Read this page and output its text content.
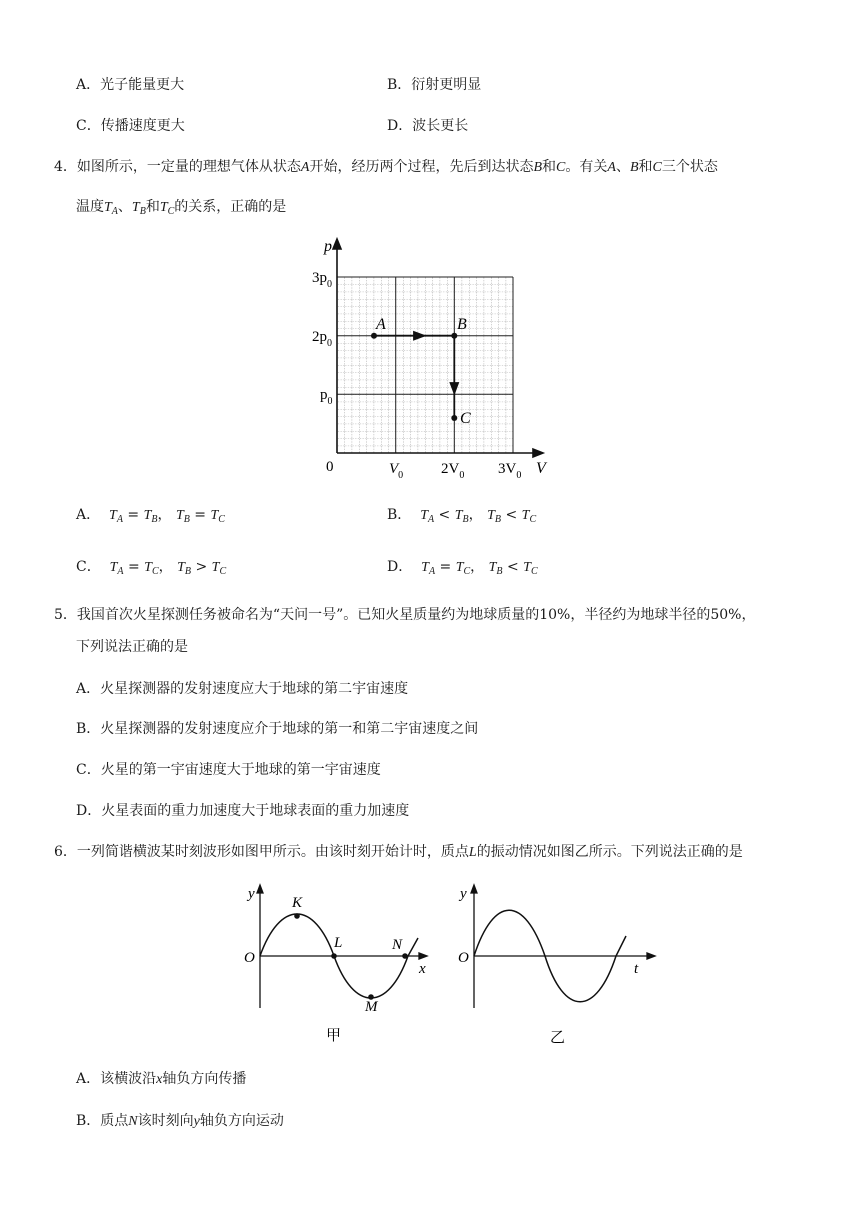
A．光子能量更大	B．衍射更明显
C．传播速度更大	D．波长更长
4．如图所示，一定量的理想气体从状态A开始，经历两个过程，先后到达状态B和C。有关A、B和C三个状态
温度$T_A$、$T_B$和$T_C$的关系，正确的是
p
V
0
$3p_0$
$2p_0$
$p_0$
$V_0$	$2V_0$ $3V_0$
A	B
C
A． $T_A = T_B$， $T_B = T_C$	B． $T_A < T_B$， $T_B < T_C$
C． $T_A = T_C$， $T_B > T_C$	D． $T_A = T_C$， $T_B < T_C$
5．我国首次火星探测任务被命名为“天问一号”。已知火星质量约为地球质量的10%，半径约为地球半径的50%，
下列说法正确的是
A．火星探测器的发射速度应大于地球的第二宇宙速度
B．火星探测器的发射速度应介于地球的第一和第二宇宙速度之间
C．火星的第一宇宙速度大于地球的第一宇宙速度
D．火星表面的重力加速度大于地球表面的重力加速度
6．一列简谐横波某时刻波形如图甲所示。由该时刻开始计时，质点L的振动情况如图乙所示。下列说法正确的是
y
x
O
K
L
M
N
甲
y
t
O
乙
A．该横波沿x轴负方向传播
B．质点N该时刻向y轴负方向运动
